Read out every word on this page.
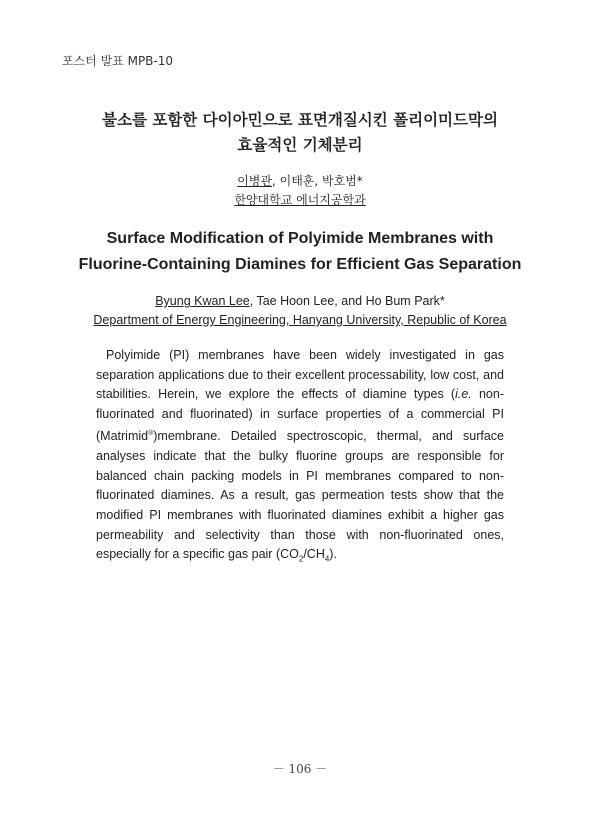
포스터 발표 MPB-10
불소를 포함한 다이아민으로 표면개질시킨 폴리이미드막의
효율적인 기체분리
이병관, 이태훈, 박호범*
한양대학교 에너지공학과
Surface Modification of Polyimide Membranes with
Fluorine-Containing Diamines for Efficient Gas Separation
Byung Kwan Lee, Tae Hoon Lee, and Ho Bum Park*
Department of Energy Engineering, Hanyang University, Republic of Korea
Polyimide (PI) membranes have been widely investigated in gas separation applications due to their excellent processability, low cost, and stabilities. Herein, we explore the effects of diamine types (i.e. non-fluorinated and fluorinated) in surface properties of a commercial PI (Matrimid®)membrane. Detailed spectroscopic, thermal, and surface analyses indicate that the bulky fluorine groups are responsible for balanced chain packing models in PI membranes compared to non-fluorinated diamines. As a result, gas permeation tests show that the modified PI membranes with fluorinated diamines exhibit a higher gas permeability and selectivity than those with non-fluorinated ones, especially for a specific gas pair $(CO_2/CH_4)$.
－ 106 －
